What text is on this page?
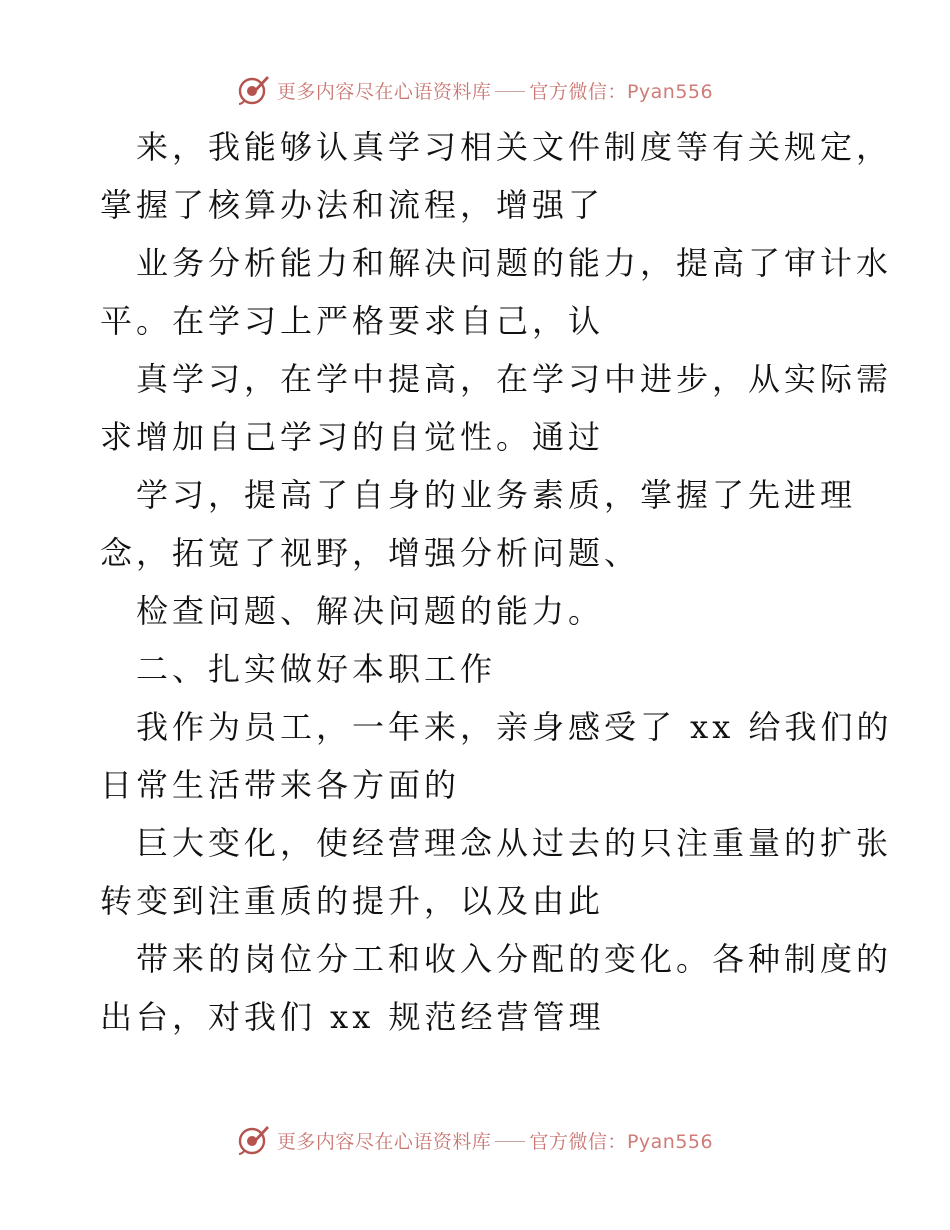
更多内容尽在心语资料库 官方微信：Pyan556
来，我能够认真学习相关文件制度等有关规定，
掌握了核算办法和流程，增强了
业务分析能力和解决问题的能力，提高了审计水
平。在学习上严格要求自己，认
真学习，在学中提高，在学习中进步，从实际需
求增加自己学习的自觉性。通过
学习，提高了自身的业务素质，掌握了先进理
念，拓宽了视野，增强分析问题、
检查问题、解决问题的能力。
二、扎实做好本职工作
我作为员工，一年来，亲身感受了 xx 给我们的
日常生活带来各方面的
巨大变化，使经营理念从过去的只注重量的扩张
转变到注重质的提升，以及由此
带来的岗位分工和收入分配的变化。各种制度的
出台，对我们 xx 规范经营管理
更多内容尽在心语资料库 官方微信：Pyan556
